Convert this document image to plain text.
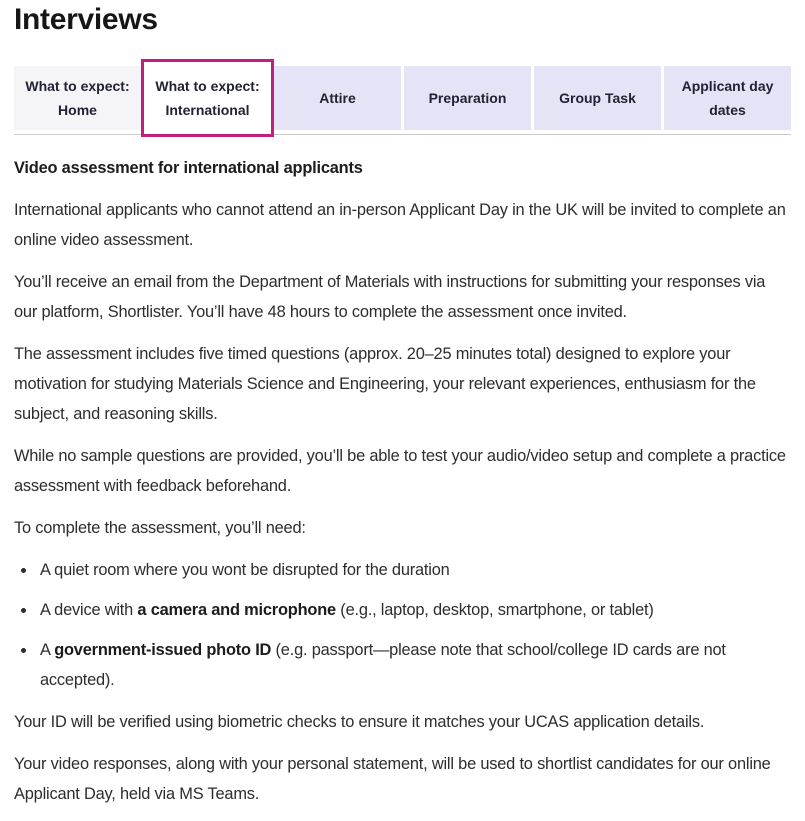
Interviews
What to expect: Home
What to expect: International
Attire	Preparation	Group Task
Applicant day dates

Video assessment for international applicants

International applicants who cannot attend an in-person Applicant Day in the UK will be invited to complete an online video assessment.

You’ll receive an email from the Department of Materials with instructions for submitting your responses via our platform, Shortlister. You’ll have 48 hours to complete the assessment once invited.

The assessment includes five timed questions (approx. 20–25 minutes total) designed to explore your motivation for studying Materials Science and Engineering, your relevant experiences, enthusiasm for the subject, and reasoning skills.

While no sample questions are provided, you’ll be able to test your audio/video setup and complete a practice assessment with feedback beforehand.

To complete the assessment, you’ll need:

• A quiet room where you wont be disrupted for the duration
• A device with a camera and microphone (e.g., laptop, desktop, smartphone, or tablet)
• A government-issued photo ID (e.g. passport—please note that school/college ID cards are not accepted).

Your ID will be verified using biometric checks to ensure it matches your UCAS application details.

Your video responses, along with your personal statement, will be used to shortlist candidates for our online Applicant Day, held via MS Teams.
